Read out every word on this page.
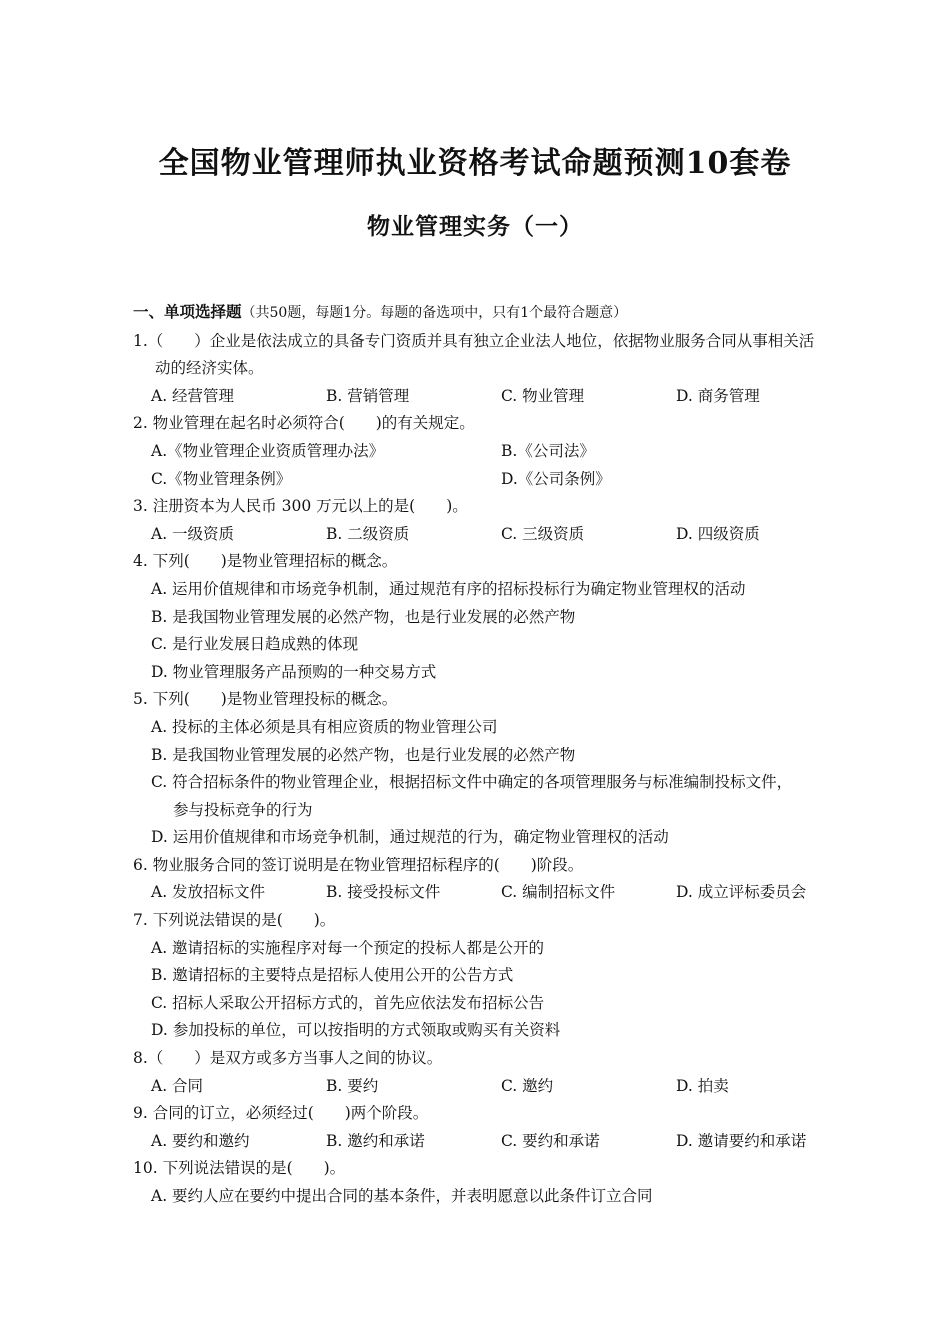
全国物业管理师执业资格考试命题预测10套卷
物业管理实务（一）
一、单项选择题（共50题，每题1分。每题的备选项中，只有1个最符合题意）
1.（　　）企业是依法成立的具备专门资质并具有独立企业法人地位，依据物业服务合同从事相关活
动的经济实体。
A. 经营管理	B. 营销管理	C. 物业管理	D. 商务管理
2. 物业管理在起名时必须符合(　　)的有关规定。
A.《物业管理企业资质管理办法》	B.《公司法》
C.《物业管理条例》	D.《公司条例》
3. 注册资本为人民币 300 万元以上的是(　　)。
A. 一级资质	B. 二级资质	C. 三级资质	D. 四级资质
4. 下列(　　)是物业管理招标的概念。
A. 运用价值规律和市场竞争机制，通过规范有序的招标投标行为确定物业管理权的活动
B. 是我国物业管理发展的必然产物，也是行业发展的必然产物
C. 是行业发展日趋成熟的体现
D. 物业管理服务产品预购的一种交易方式
5. 下列(　　)是物业管理投标的概念。
A. 投标的主体必须是具有相应资质的物业管理公司
B. 是我国物业管理发展的必然产物，也是行业发展的必然产物
C. 符合招标条件的物业管理企业，根据招标文件中确定的各项管理服务与标准编制投标文件，
参与投标竞争的行为
D. 运用价值规律和市场竞争机制，通过规范的行为，确定物业管理权的活动
6. 物业服务合同的签订说明是在物业管理招标程序的(　　)阶段。
A. 发放招标文件	B. 接受投标文件	C. 编制招标文件	D. 成立评标委员会
7. 下列说法错误的是(　　)。
A. 邀请招标的实施程序对每一个预定的投标人都是公开的
B. 邀请招标的主要特点是招标人使用公开的公告方式
C. 招标人采取公开招标方式的，首先应依法发布招标公告
D. 参加投标的单位，可以按指明的方式领取或购买有关资料
8.（　　）是双方或多方当事人之间的协议。
A. 合同	B. 要约	C. 邀约	D. 拍卖
9. 合同的订立，必须经过(　　)两个阶段。
A. 要约和邀约	B. 邀约和承诺	C. 要约和承诺	D. 邀请要约和承诺
10. 下列说法错误的是(　　)。
A. 要约人应在要约中提出合同的基本条件，并表明愿意以此条件订立合同
